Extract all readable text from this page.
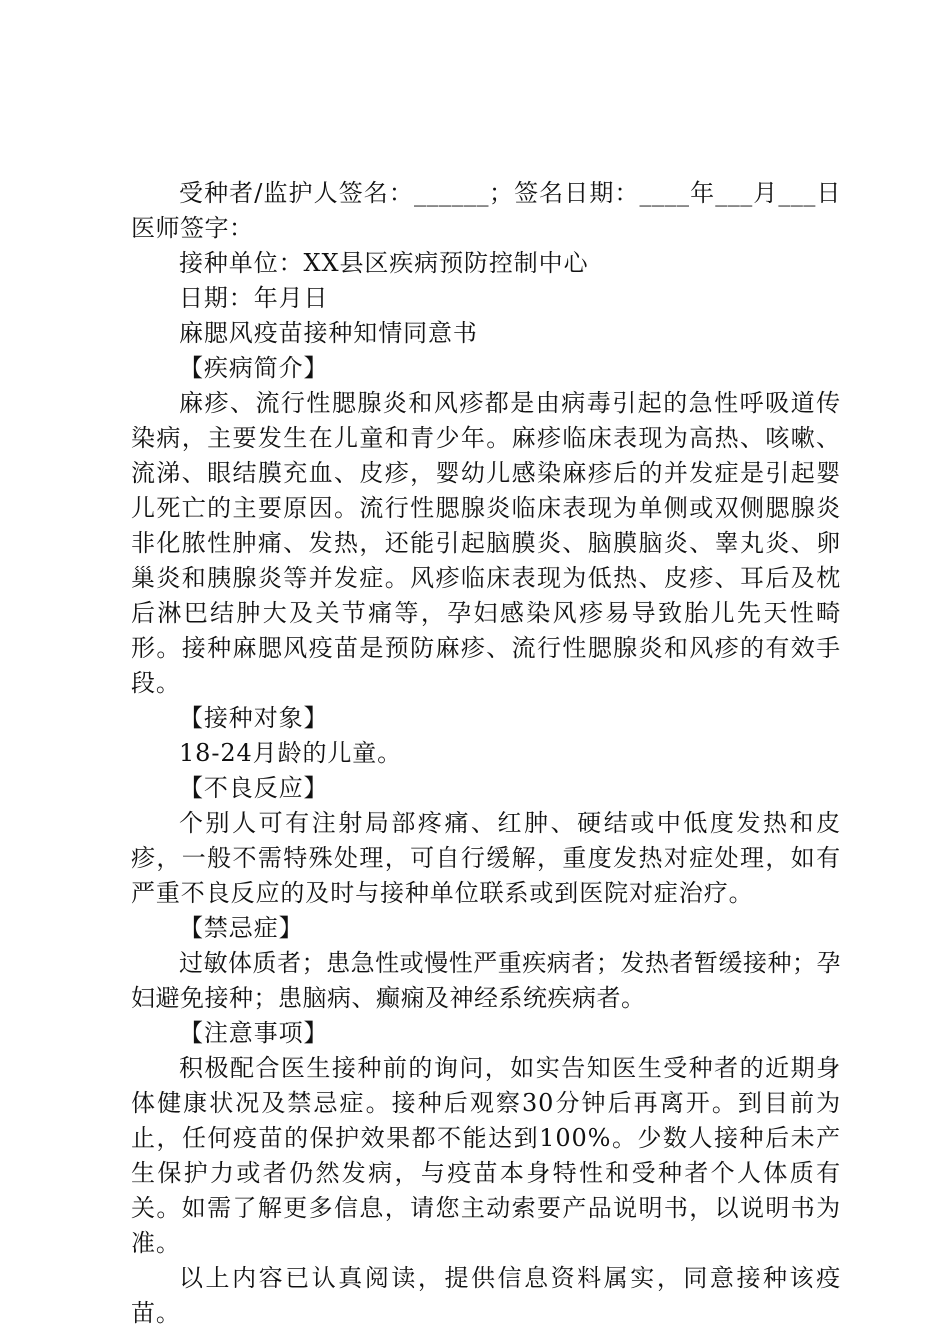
受种者/监护人签名：______；签名日期：____年___月___日医师签字：

接种单位：XX县区疾病预防控制中心

日期：年月日

麻腮风疫苗接种知情同意书

【疾病简介】

麻疹、流行性腮腺炎和风疹都是由病毒引起的急性呼吸道传染病，主要发生在儿童和青少年。麻疹临床表现为高热、咳嗽、流涕、眼结膜充血、皮疹，婴幼儿感染麻疹后的并发症是引起婴儿死亡的主要原因。流行性腮腺炎临床表现为单侧或双侧腮腺炎非化脓性肿痛、发热，还能引起脑膜炎、脑膜脑炎、睾丸炎、卵巢炎和胰腺炎等并发症。风疹临床表现为低热、皮疹、耳后及枕后淋巴结肿大及关节痛等，孕妇感染风疹易导致胎儿先天性畸形。接种麻腮风疫苗是预防麻疹、流行性腮腺炎和风疹的有效手段。

【接种对象】

18-24月龄的儿童。

【不良反应】

个别人可有注射局部疼痛、红肿、硬结或中低度发热和皮疹，一般不需特殊处理，可自行缓解，重度发热对症处理，如有严重不良反应的及时与接种单位联系或到医院对症治疗。

【禁忌症】

过敏体质者；患急性或慢性严重疾病者；发热者暂缓接种；孕妇避免接种；患脑病、癫痫及神经系统疾病者。

【注意事项】

积极配合医生接种前的询问，如实告知医生受种者的近期身体健康状况及禁忌症。接种后观察30分钟后再离开。到目前为止，任何疫苗的保护效果都不能达到100%。少数人接种后未产生保护力或者仍然发病，与疫苗本身特性和受种者个人体质有关。如需了解更多信息，请您主动索要产品说明书，以说明书为准。

以上内容已认真阅读，提供信息资料属实，同意接种该疫苗。
